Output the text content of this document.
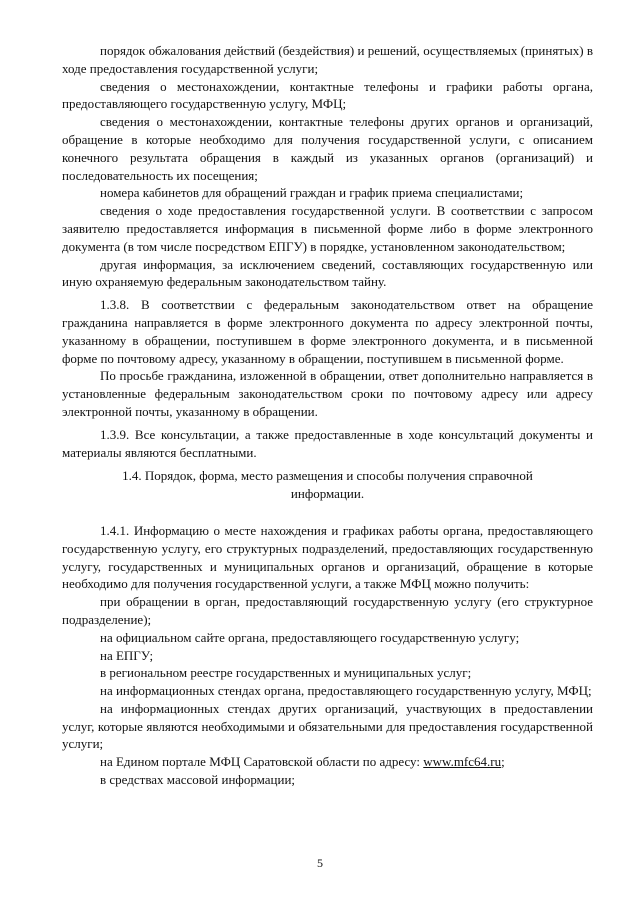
порядок обжалования действий (бездействия) и решений, осуществляемых (принятых) в ходе предоставления государственной услуги;

сведения о местонахождении, контактные телефоны и графики работы органа, предоставляющего государственную услугу, МФЦ;

сведения о местонахождении, контактные телефоны других органов и организаций, обращение в которые необходимо для получения государственной услуги, с описанием конечного результата обращения в каждый из указанных органов (организаций) и последовательность их посещения;

номера кабинетов для обращений граждан и график приема специалистами;

сведения о ходе предоставления государственной услуги. В соответствии с запросом заявителю предоставляется информация в письменной форме либо в форме электронного документа (в том числе посредством ЕПГУ) в порядке, установленном законодательством;

другая информация, за исключением сведений, составляющих государственную или иную охраняемую федеральным законодательством тайну.

1.3.8. В соответствии с федеральным законодательством ответ на обращение гражданина направляется в форме электронного документа по адресу электронной почты, указанному в обращении, поступившем в форме электронного документа, и в письменной форме по почтовому адресу, указанному в обращении, поступившем в письменной форме.

По просьбе гражданина, изложенной в обращении, ответ дополнительно направляется в установленные федеральным законодательством сроки по почтовому адресу или адресу электронной почты, указанному в обращении.

1.3.9. Все консультации, а также предоставленные в ходе консультаций документы и материалы являются бесплатными.

1.4. Порядок, форма, место размещения и способы получения справочной информации.

1.4.1. Информацию о месте нахождения и графиках работы органа, предоставляющего государственную услугу, его структурных подразделений, предоставляющих государственную услугу, государственных и муниципальных органов и организаций, обращение в которые необходимо для получения государственной услуги, а также МФЦ можно получить:

при обращении в орган, предоставляющий государственную услугу (его структурное подразделение);

на официальном сайте органа, предоставляющего государственную услугу;

на ЕПГУ;

в региональном реестре государственных и муниципальных услуг;

на информационных стендах органа, предоставляющего государственную услугу, МФЦ;

на информационных стендах других организаций, участвующих в предоставлении услуг, которые являются необходимыми и обязательными для предоставления государственной услуги;

на Едином портале МФЦ Саратовской области по адресу: www.mfc64.ru;

в средствах массовой информации;

5
